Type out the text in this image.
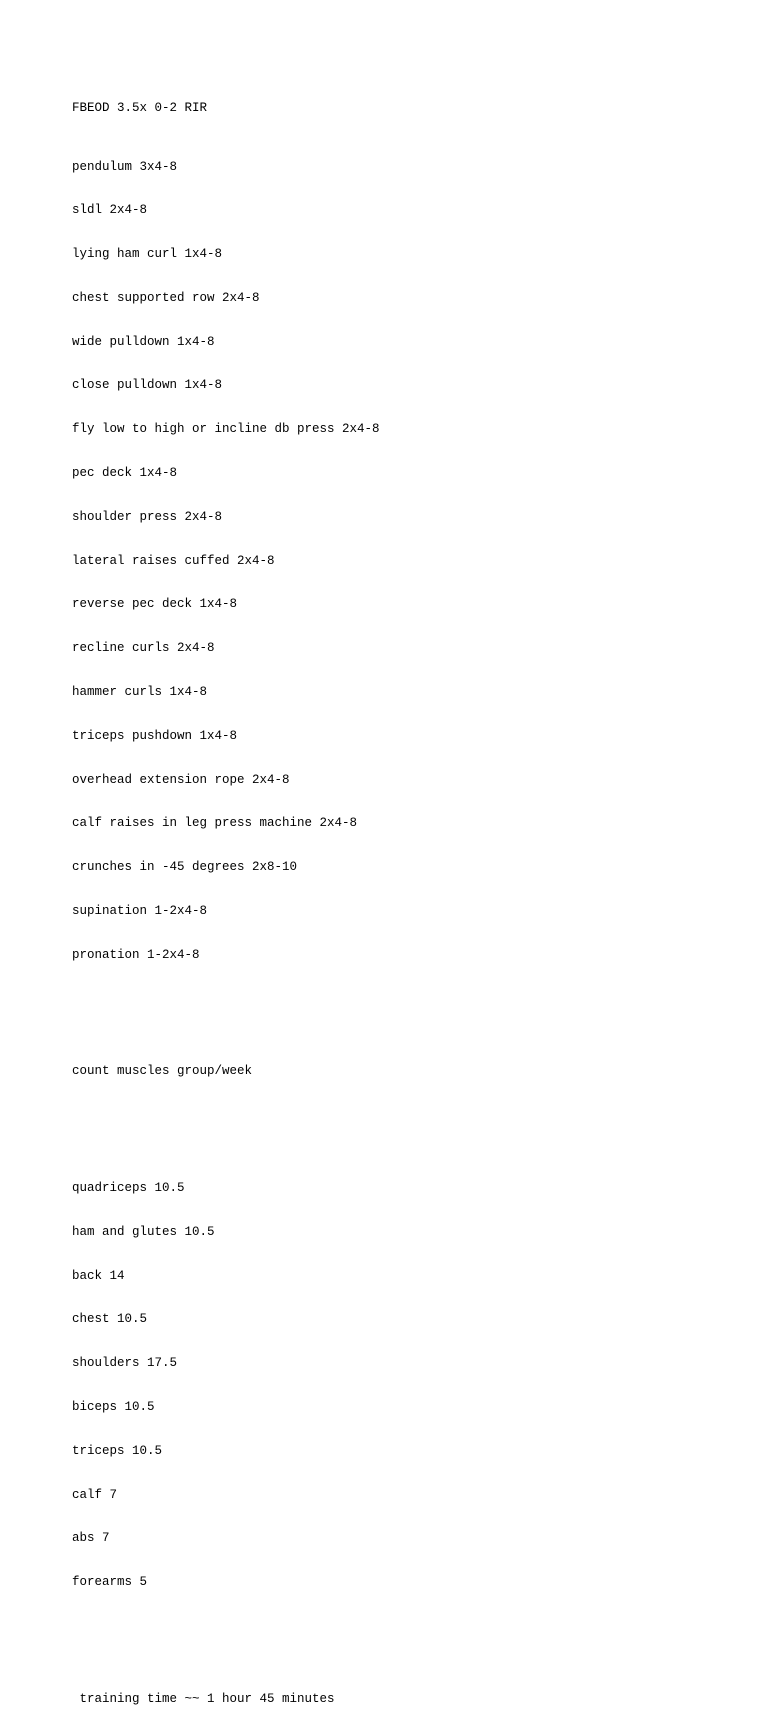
FBEOD 3.5x 0-2 RIR

pendulum 3x4-8

sldl 2x4-8

lying ham curl 1x4-8

chest supported row 2x4-8

wide pulldown 1x4-8

close pulldown 1x4-8

fly low to high or incline db press 2x4-8

pec deck 1x4-8

shoulder press 2x4-8

lateral raises cuffed 2x4-8

reverse pec deck 1x4-8

recline curls 2x4-8

hammer curls 1x4-8

triceps pushdown 1x4-8

overhead extension rope 2x4-8

calf raises in leg press machine 2x4-8

crunches in -45 degrees 2x8-10

supination 1-2x4-8

pronation 1-2x4-8

count muscles group/week

quadriceps 10.5

ham and glutes 10.5

back 14

chest 10.5

shoulders 17.5

biceps 10.5

triceps 10.5

calf 7

abs 7

forearms 5

training time ~~ 1 hour 45 minutes
